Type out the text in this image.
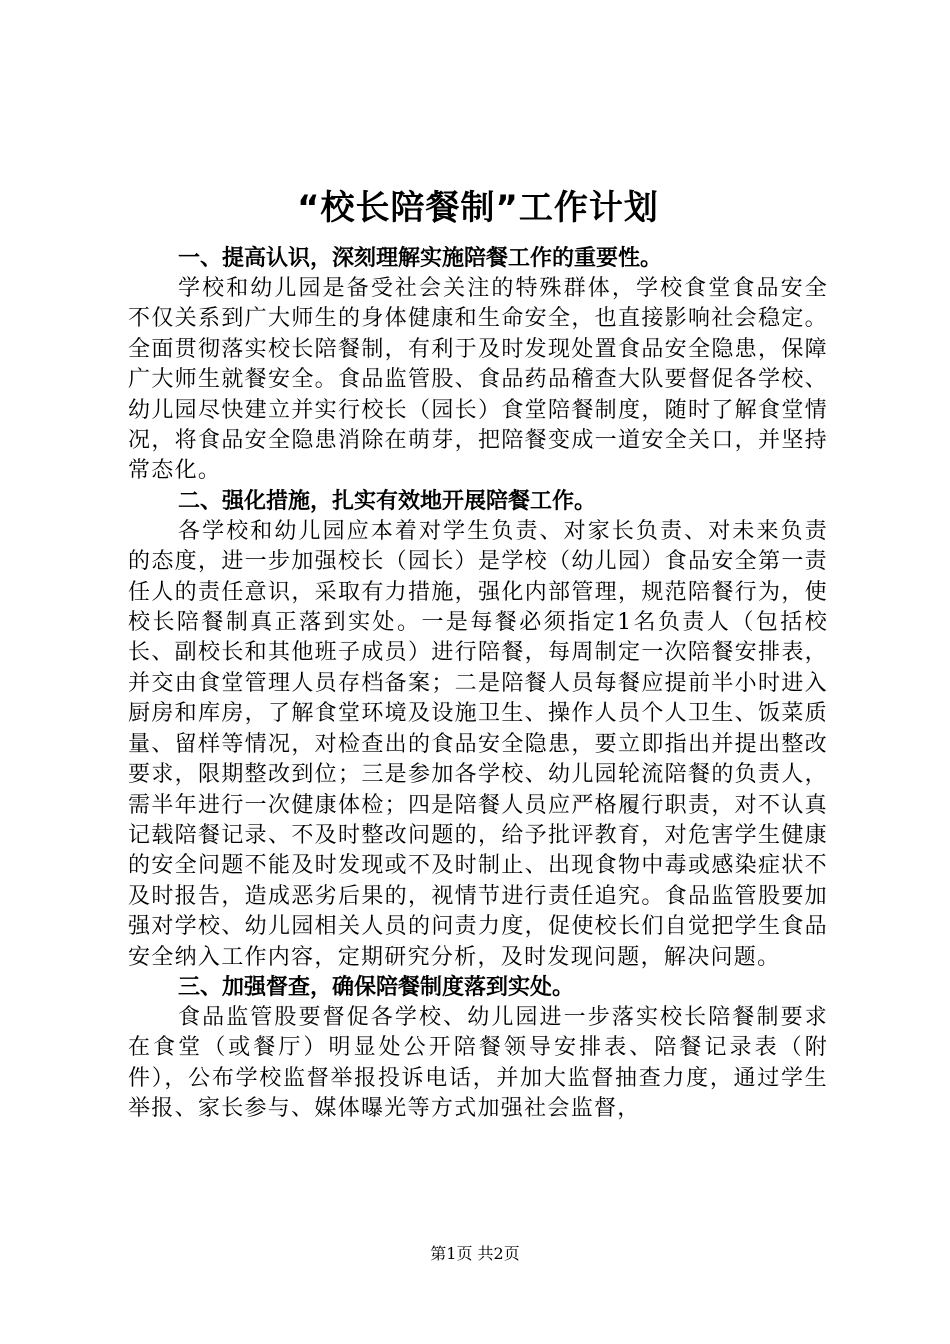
“校长陪餐制”工作计划
一、提高认识，深刻理解实施陪餐工作的重要性。

学校和幼儿园是备受社会关注的特殊群体，学校食堂食品安全不仅关系到广大师生的身体健康和生命安全，也直接影响社会稳定。全面贯彻落实校长陪餐制，有利于及时发现处置食品安全隐患，保障广大师生就餐安全。食品监管股、食品药品稽查大队要督促各学校、幼儿园尽快建立并实行校长（园长）食堂陪餐制度，随时了解食堂情况，将食品安全隐患消除在萌芽，把陪餐变成一道安全关口，并坚持常态化。

二、强化措施，扎实有效地开展陪餐工作。

各学校和幼儿园应本着对学生负责、对家长负责、对未来负责的态度，进一步加强校长（园长）是学校（幼儿园）食品安全第一责任人的责任意识，采取有力措施，强化内部管理，规范陪餐行为，使校长陪餐制真正落到实处。一是每餐必须指定1名负责人（包括校长、副校长和其他班子成员）进行陪餐，每周制定一次陪餐安排表，并交由食堂管理人员存档备案；二是陪餐人员每餐应提前半小时进入厨房和库房，了解食堂环境及设施卫生、操作人员个人卫生、饭菜质量、留样等情况，对检查出的食品安全隐患，要立即指出并提出整改要求，限期整改到位；三是参加各学校、幼儿园轮流陪餐的负责人，需半年进行一次健康体检；四是陪餐人员应严格履行职责，对不认真记载陪餐记录、不及时整改问题的，给予批评教育，对危害学生健康的安全问题不能及时发现或不及时制止、出现食物中毒或感染症状不及时报告，造成恶劣后果的，视情节进行责任追究。食品监管股要加强对学校、幼儿园相关人员的问责力度，促使校长们自觉把学生食品安全纳入工作内容，定期研究分析，及时发现问题，解决问题。

三、加强督查，确保陪餐制度落到实处。

食品监管股要督促各学校、幼儿园进一步落实校长陪餐制要求在食堂（或餐厅）明显处公开陪餐领导安排表、陪餐记录表（附件），公布学校监督举报投诉电话，并加大监督抽查力度，通过学生举报、家长参与、媒体曝光等方式加强社会监督，

第1页 共2页
